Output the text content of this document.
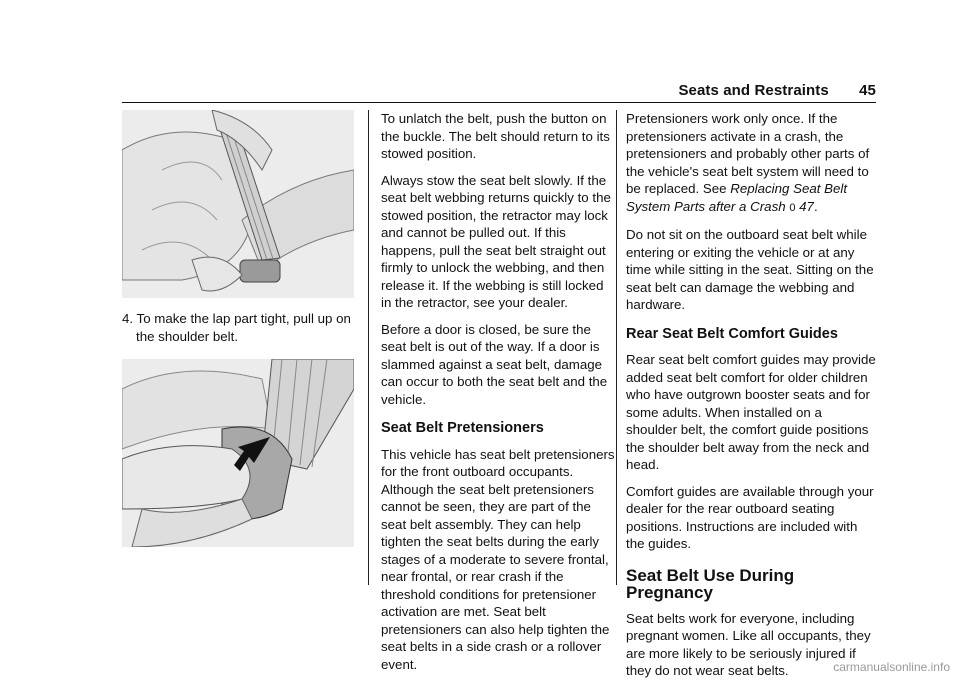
Seats and Restraints 45

4. To make the lap part tight, pull up on the shoulder belt.

To unlatch the belt, push the button on the buckle. The belt should return to its stowed position.

Always stow the seat belt slowly. If the seat belt webbing returns quickly to the stowed position, the retractor may lock and cannot be pulled out. If this happens, pull the seat belt straight out firmly to unlock the webbing, and then release it. If the webbing is still locked in the retractor, see your dealer.

Before a door is closed, be sure the seat belt is out of the way. If a door is slammed against a seat belt, damage can occur to both the seat belt and the vehicle.

Seat Belt Pretensioners

This vehicle has seat belt pretensioners for the front outboard occupants. Although the seat belt pretensioners cannot be seen, they are part of the seat belt assembly. They can help tighten the seat belts during the early stages of a moderate to severe frontal, near frontal, or rear crash if the threshold conditions for pretensioner activation are met. Seat belt pretensioners can also help tighten the seat belts in a side crash or a rollover event.

Pretensioners work only once. If the pretensioners activate in a crash, the pretensioners and probably other parts of the vehicle's seat belt system will need to be replaced. See Replacing Seat Belt System Parts after a Crash 0 47.

Do not sit on the outboard seat belt while entering or exiting the vehicle or at any time while sitting in the seat. Sitting on the seat belt can damage the webbing and hardware.

Rear Seat Belt Comfort Guides

Rear seat belt comfort guides may provide added seat belt comfort for older children who have outgrown booster seats and for some adults. When installed on a shoulder belt, the comfort guide positions the shoulder belt away from the neck and head.

Comfort guides are available through your dealer for the rear outboard seating positions. Instructions are included with the guides.

Seat Belt Use During Pregnancy

Seat belts work for everyone, including pregnant women. Like all occupants, they are more likely to be seriously injured if they do not wear seat belts.	carmanualsonline.info
